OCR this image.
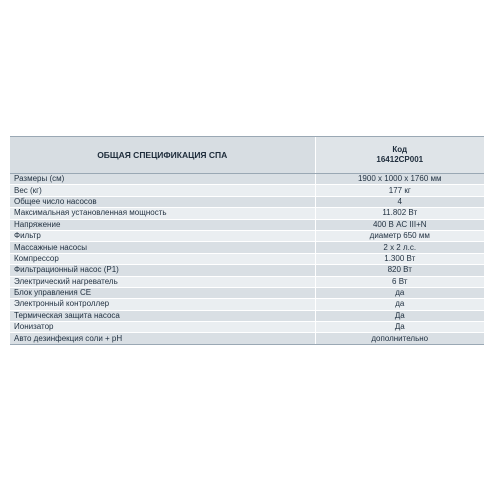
ОБЩАЯ СПЕЦИФИКАЦИЯ СПА	Код
16412CP001

Размеры (см)	1900 x 1000 x 1760 мм
Вес (кг)	177 кг
Общее число насосов	4
Максимальная установленная мощность	11.802 Вт
Напряжение	400 В AC III+N
Фильтр	диаметр 650 мм
Массажные насосы	2 х 2 л.с.
Компрессор	1.300 Вт
Фильтрационный насос (P1)	820 Вт
Электрический нагреватель	6 Вт
Блок управления CE	да
Электронный контроллер	да
Термическая защита насоса	Да
Ионизатор	Да
Авто дезинфекция соли + pH	дополнительно
